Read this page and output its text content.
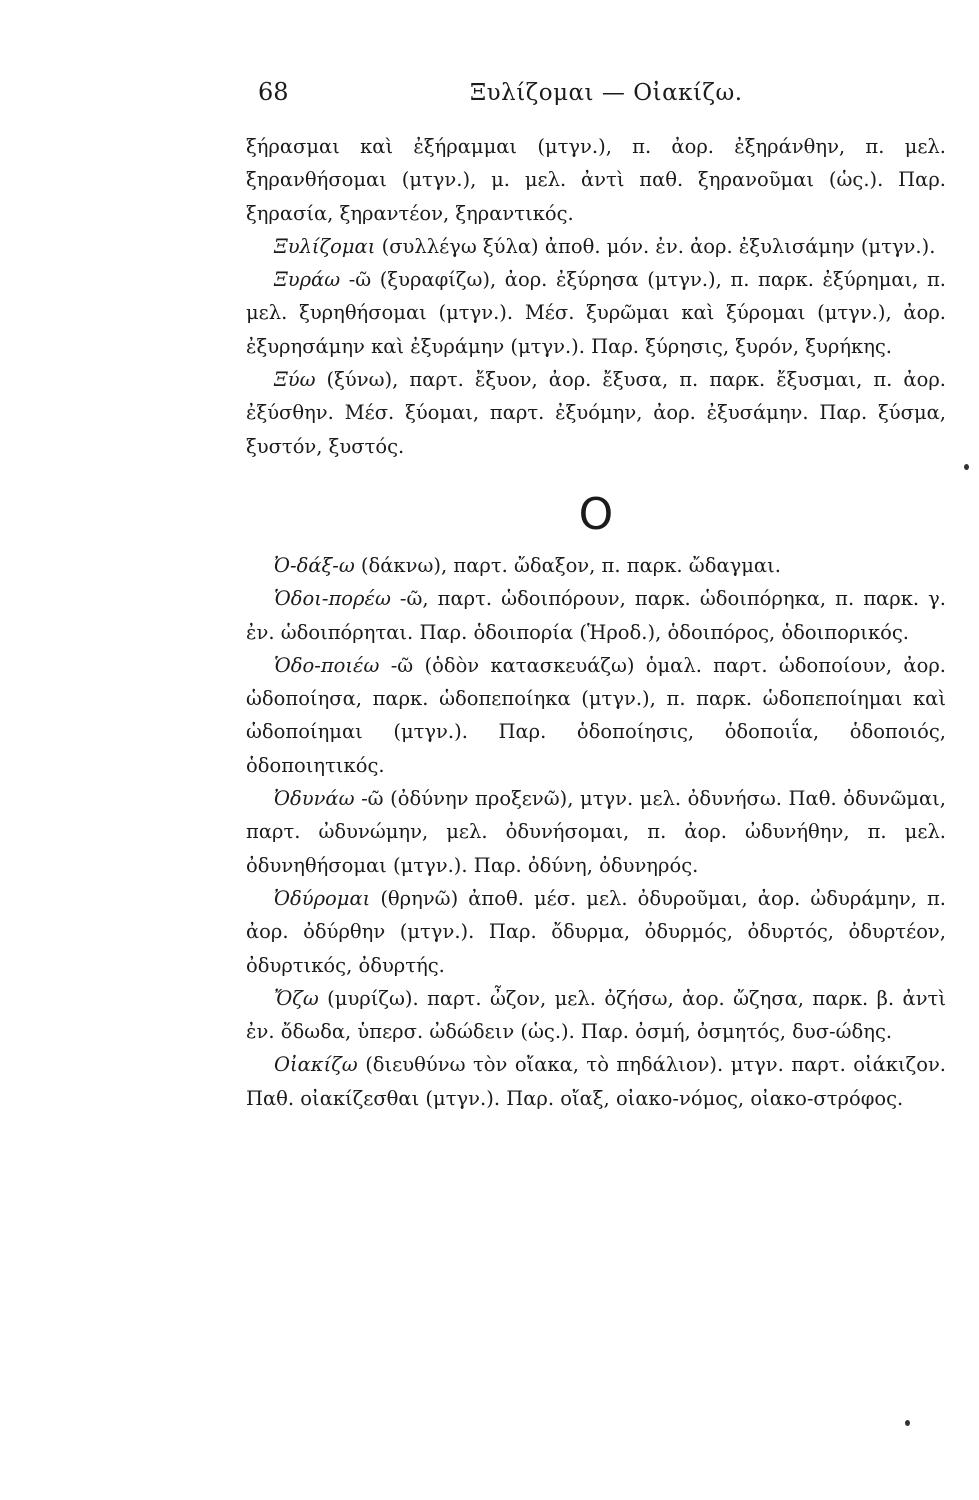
68	Ξυλίζομαι — Οἰακίζω.

ξήρασμαι καὶ ἐξήραμμαι (μτγν.), π. ἀορ. ἐξηράνθην, π. μελ. ξηρανθήσομαι (μτγν.), μ. μελ. ἀντὶ παθ. ξηρανοῦμαι (ὡς.). Παρ. ξηρασία, ξηραντέον, ξηραντικός.

Ξυλίζομαι (συλλέγω ξύλα) ἀποθ. μόν. ἐν. ἀορ. ἐξυλισάμην (μτγν.).

Ξυράω -ῶ (ξυραφίζω), ἀορ. ἐξύρησα (μτγν.), π. παρκ. ἐξύρημαι, π. μελ. ξυρηθήσομαι (μτγν.). Μέσ. ξυρῶμαι καὶ ξύρομαι (μτγν.), ἀορ. ἐξυρησάμην καὶ ἐξυράμην (μτγν.). Παρ. ξύρησις, ξυρόν, ξυρήκης.

Ξύω (ξύνω), παρτ. ἔξυον, ἀορ. ἔξυσα, π. παρκ. ἔξυσμαι, π. ἀορ. ἐξύσθην. Μέσ. ξύομαι, παρτ. ἐξυόμην, ἀορ. ἐξυσάμην. Παρ. ξύσμα, ξυστόν, ξυστός.

Ο

Ὀ-δάξ-ω (δάκνω), παρτ. ὤδαξον, π. παρκ. ὤδαγμαι.

Ὁδοι-πορέω -ῶ, παρτ. ὡδοιπόρουν, παρκ. ὡδοιπόρηκα, π. παρκ. γ. ἐν. ὡδοιπόρηται. Παρ. ὁδοιπορία (Ἡροδ.), ὁδοιπόρος, ὁδοιπορικός.

Ὁδο-ποιέω -ῶ (ὁδὸν κατασκευάζω) ὁμαλ. παρτ. ὡδοποίουν, ἀορ. ὡδοποίησα, παρκ. ὡδοπεποίηκα (μτγν.), π. παρκ. ὡδοπεποίημαι καὶ ὡδοποίημαι (μτγν.). Παρ. ὁδοποίησις, ὁδοποιΐα, ὁδοποιός, ὁδοποιητικός.

Ὀδυνάω -ῶ (ὀδύνην προξενῶ), μτγν. μελ. ὀδυνήσω. Παθ. ὀδυνῶμαι, παρτ. ὠδυνώμην, μελ. ὀδυνήσομαι, π. ἀορ. ὠδυνήθην, π. μελ. ὀδυνηθήσομαι (μτγν.). Παρ. ὀδύνη, ὀδυνηρός.

Ὀδύρομαι (θρηνῶ) ἀποθ. μέσ. μελ. ὀδυροῦμαι, ἀορ. ὠδυράμην, π. ἀορ. ὀδύρθην (μτγν.). Παρ. ὄδυρμα, ὀδυρμός, ὀδυρτός, ὀδυρτέον, ὀδυρτικός, ὀδυρτής.

Ὄζω (μυρίζω). παρτ. ὦζον, μελ. ὀζήσω, ἀορ. ὤζησα, παρκ. β. ἀντὶ ἐν. ὄδωδα, ὑπερσ. ὠδώδειν (ὡς.). Παρ. ὀσμή, ὀσμητός, δυσ-ώδης.

Οἰακίζω (διευθύνω τὸν οἴακα, τὸ πηδάλιον). μτγν. παρτ. οἰάκιζον. Παθ. οἰακίζεσθαι (μτγν.). Παρ. οἴαξ, οἰακο-νόμος, οἰακο-στρόφος.
